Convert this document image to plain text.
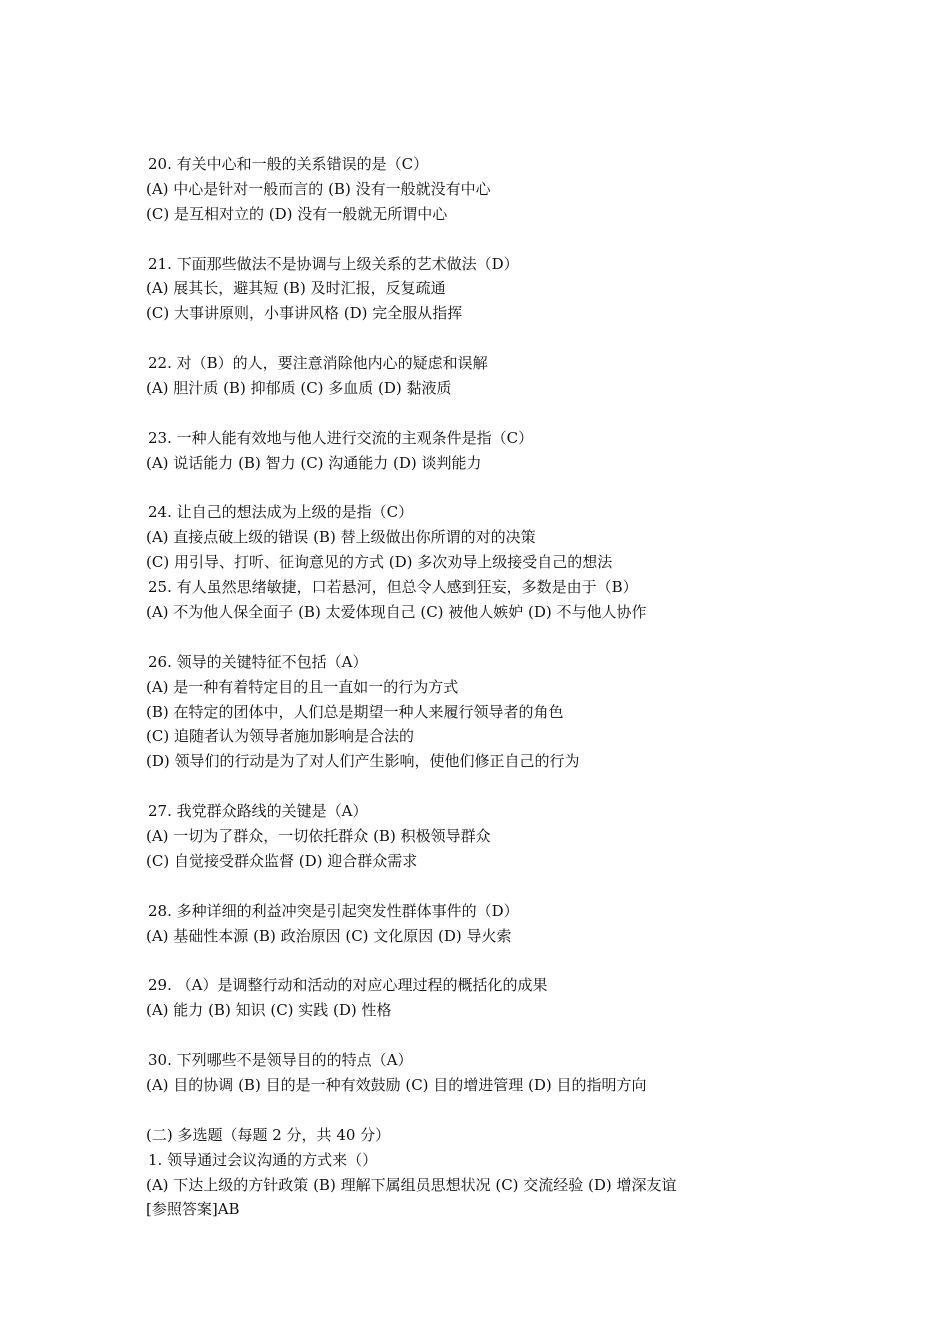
20. 有关中心和一般的关系错误的是（C）
(A) 中心是针对一般而言的 (B) 没有一般就没有中心
(C) 是互相对立的 (D) 没有一般就无所谓中心
21. 下面那些做法不是协调与上级关系的艺术做法（D）
(A) 展其长，避其短 (B) 及时汇报，反复疏通
(C) 大事讲原则，小事讲风格 (D) 完全服从指挥
22. 对（B）的人，要注意消除他内心的疑虑和误解
(A) 胆汁质 (B) 抑郁质 (C) 多血质 (D) 黏液质
23. 一种人能有效地与他人进行交流的主观条件是指（C）
(A) 说话能力 (B) 智力 (C) 沟通能力 (D) 谈判能力
24. 让自己的想法成为上级的是指（C）
(A) 直接点破上级的错误 (B) 替上级做出你所谓的对的决策
(C) 用引导、打听、征询意见的方式 (D) 多次劝导上级接受自己的想法
25. 有人虽然思绪敏捷，口若悬河，但总令人感到狂妄，多数是由于（B）
(A) 不为他人保全面子 (B) 太爱体现自己 (C) 被他人嫉妒 (D) 不与他人协作
26. 领导的关键特征不包括（A）
(A) 是一种有着特定目的且一直如一的行为方式
(B) 在特定的团体中，人们总是期望一种人来履行领导者的角色
(C) 追随者认为领导者施加影响是合法的
(D) 领导们的行动是为了对人们产生影响，使他们修正自己的行为
27. 我党群众路线的关键是（A）
(A) 一切为了群众，一切依托群众 (B) 积极领导群众
(C) 自觉接受群众监督 (D) 迎合群众需求
28. 多种详细的利益冲突是引起突发性群体事件的（D）
(A) 基础性本源 (B) 政治原因 (C) 文化原因 (D) 导火索
29. （A）是调整行动和活动的对应心理过程的概括化的成果
(A) 能力 (B) 知识 (C) 实践 (D) 性格
30. 下列哪些不是领导目的的特点（A）
(A) 目的协调 (B) 目的是一种有效鼓励 (C) 目的增进管理 (D) 目的指明方向
(二) 多选题（每题 2 分，共 40 分）
1. 领导通过会议沟通的方式来（）
(A) 下达上级的方针政策 (B) 理解下属组员思想状况 (C) 交流经验 (D) 增深友谊
[参照答案]AB
